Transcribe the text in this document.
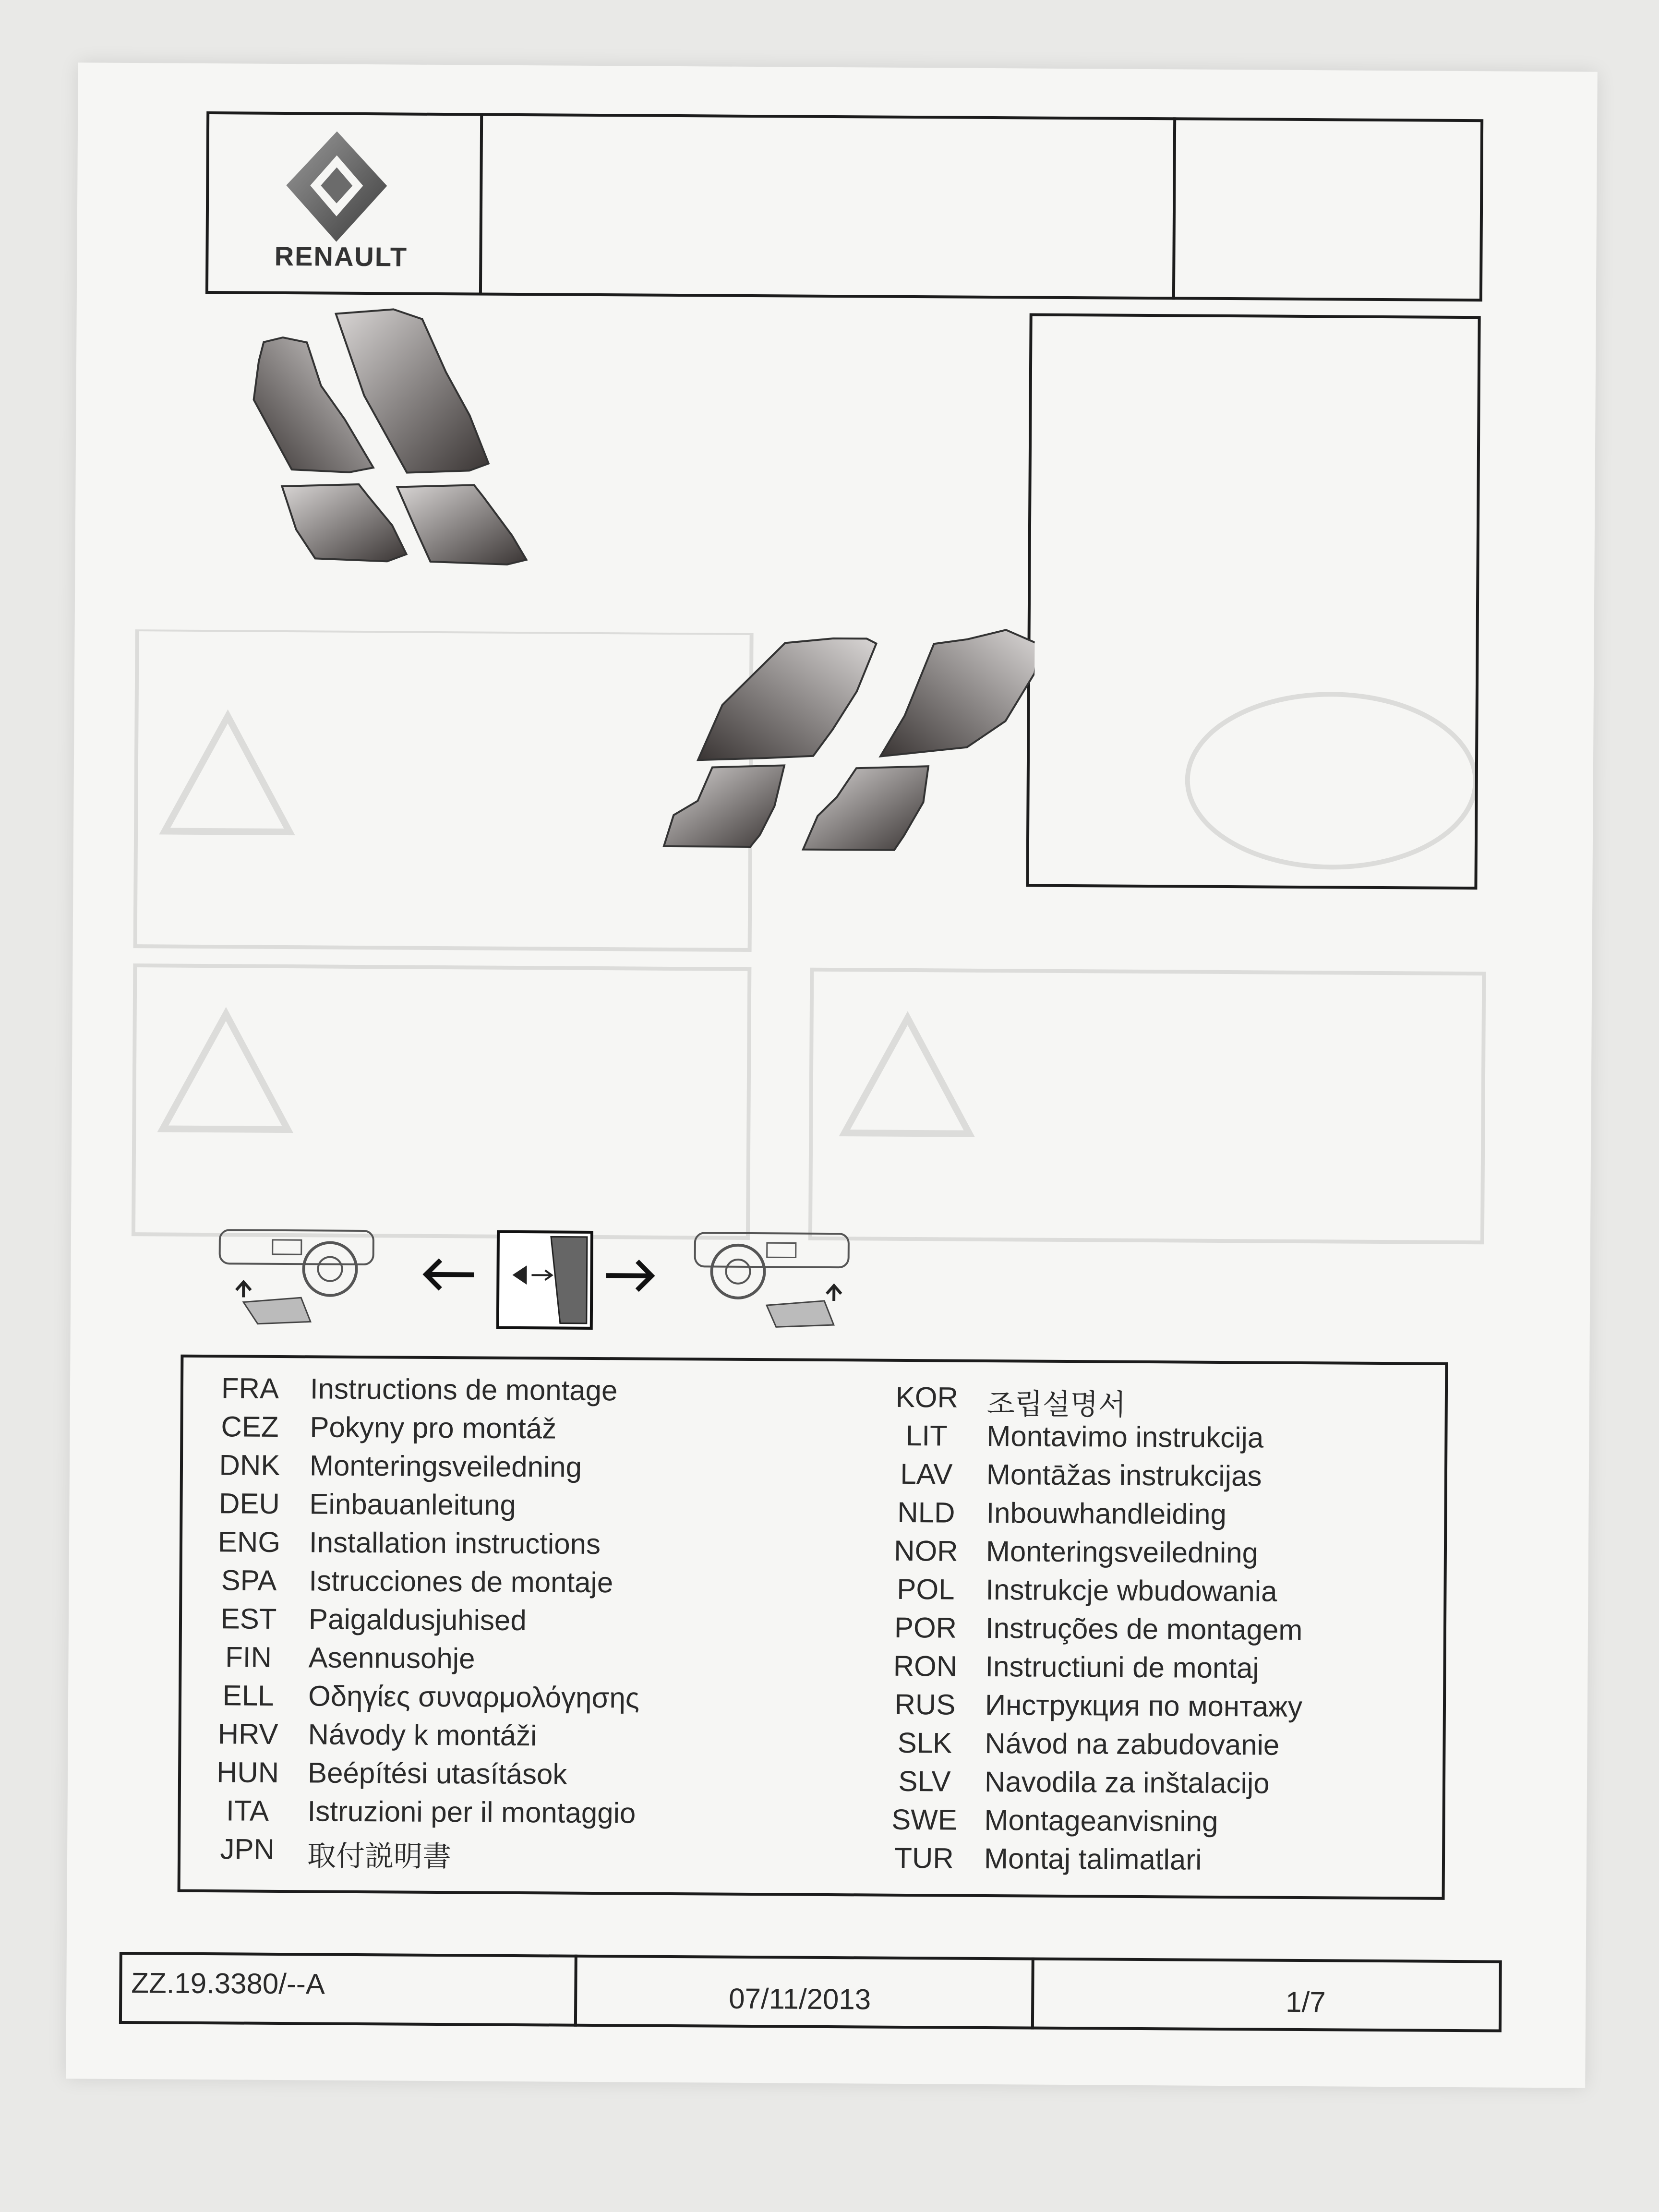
RENAULT
FRA Instructions de montage
CEZ Pokyny pro montáž
DNK Monteringsveiledning
DEU Einbauanleitung
ENG Installation instructions
SPA Istrucciones de montaje
EST Paigaldusjuhised
FIN	Asennusohje
ELL	Οδηγίες συναρμολόγησης
HRV Návody k montáži
HUN Beépítési utasítások
ITA	Istruzioni per il montaggio
JPN	取付説明書
KOR 조립설명서
LIT	Montavimo instrukcija
LAV	Montāžas instrukcijas
NLD Inbouwhandleiding
NOR Monteringsveiledning
POL Instrukcje wbudowania
POR Instruções de montagem
RON Instructiuni de montaj
RUS Инструкция по монтажу
SLK	Návod na zabudovanie
SLV	Navodila za inštalacijo
SWE Montageanvisning
TUR Montaj talimatlari
ZZ.19.3380/--A	07/11/2013	1/7
